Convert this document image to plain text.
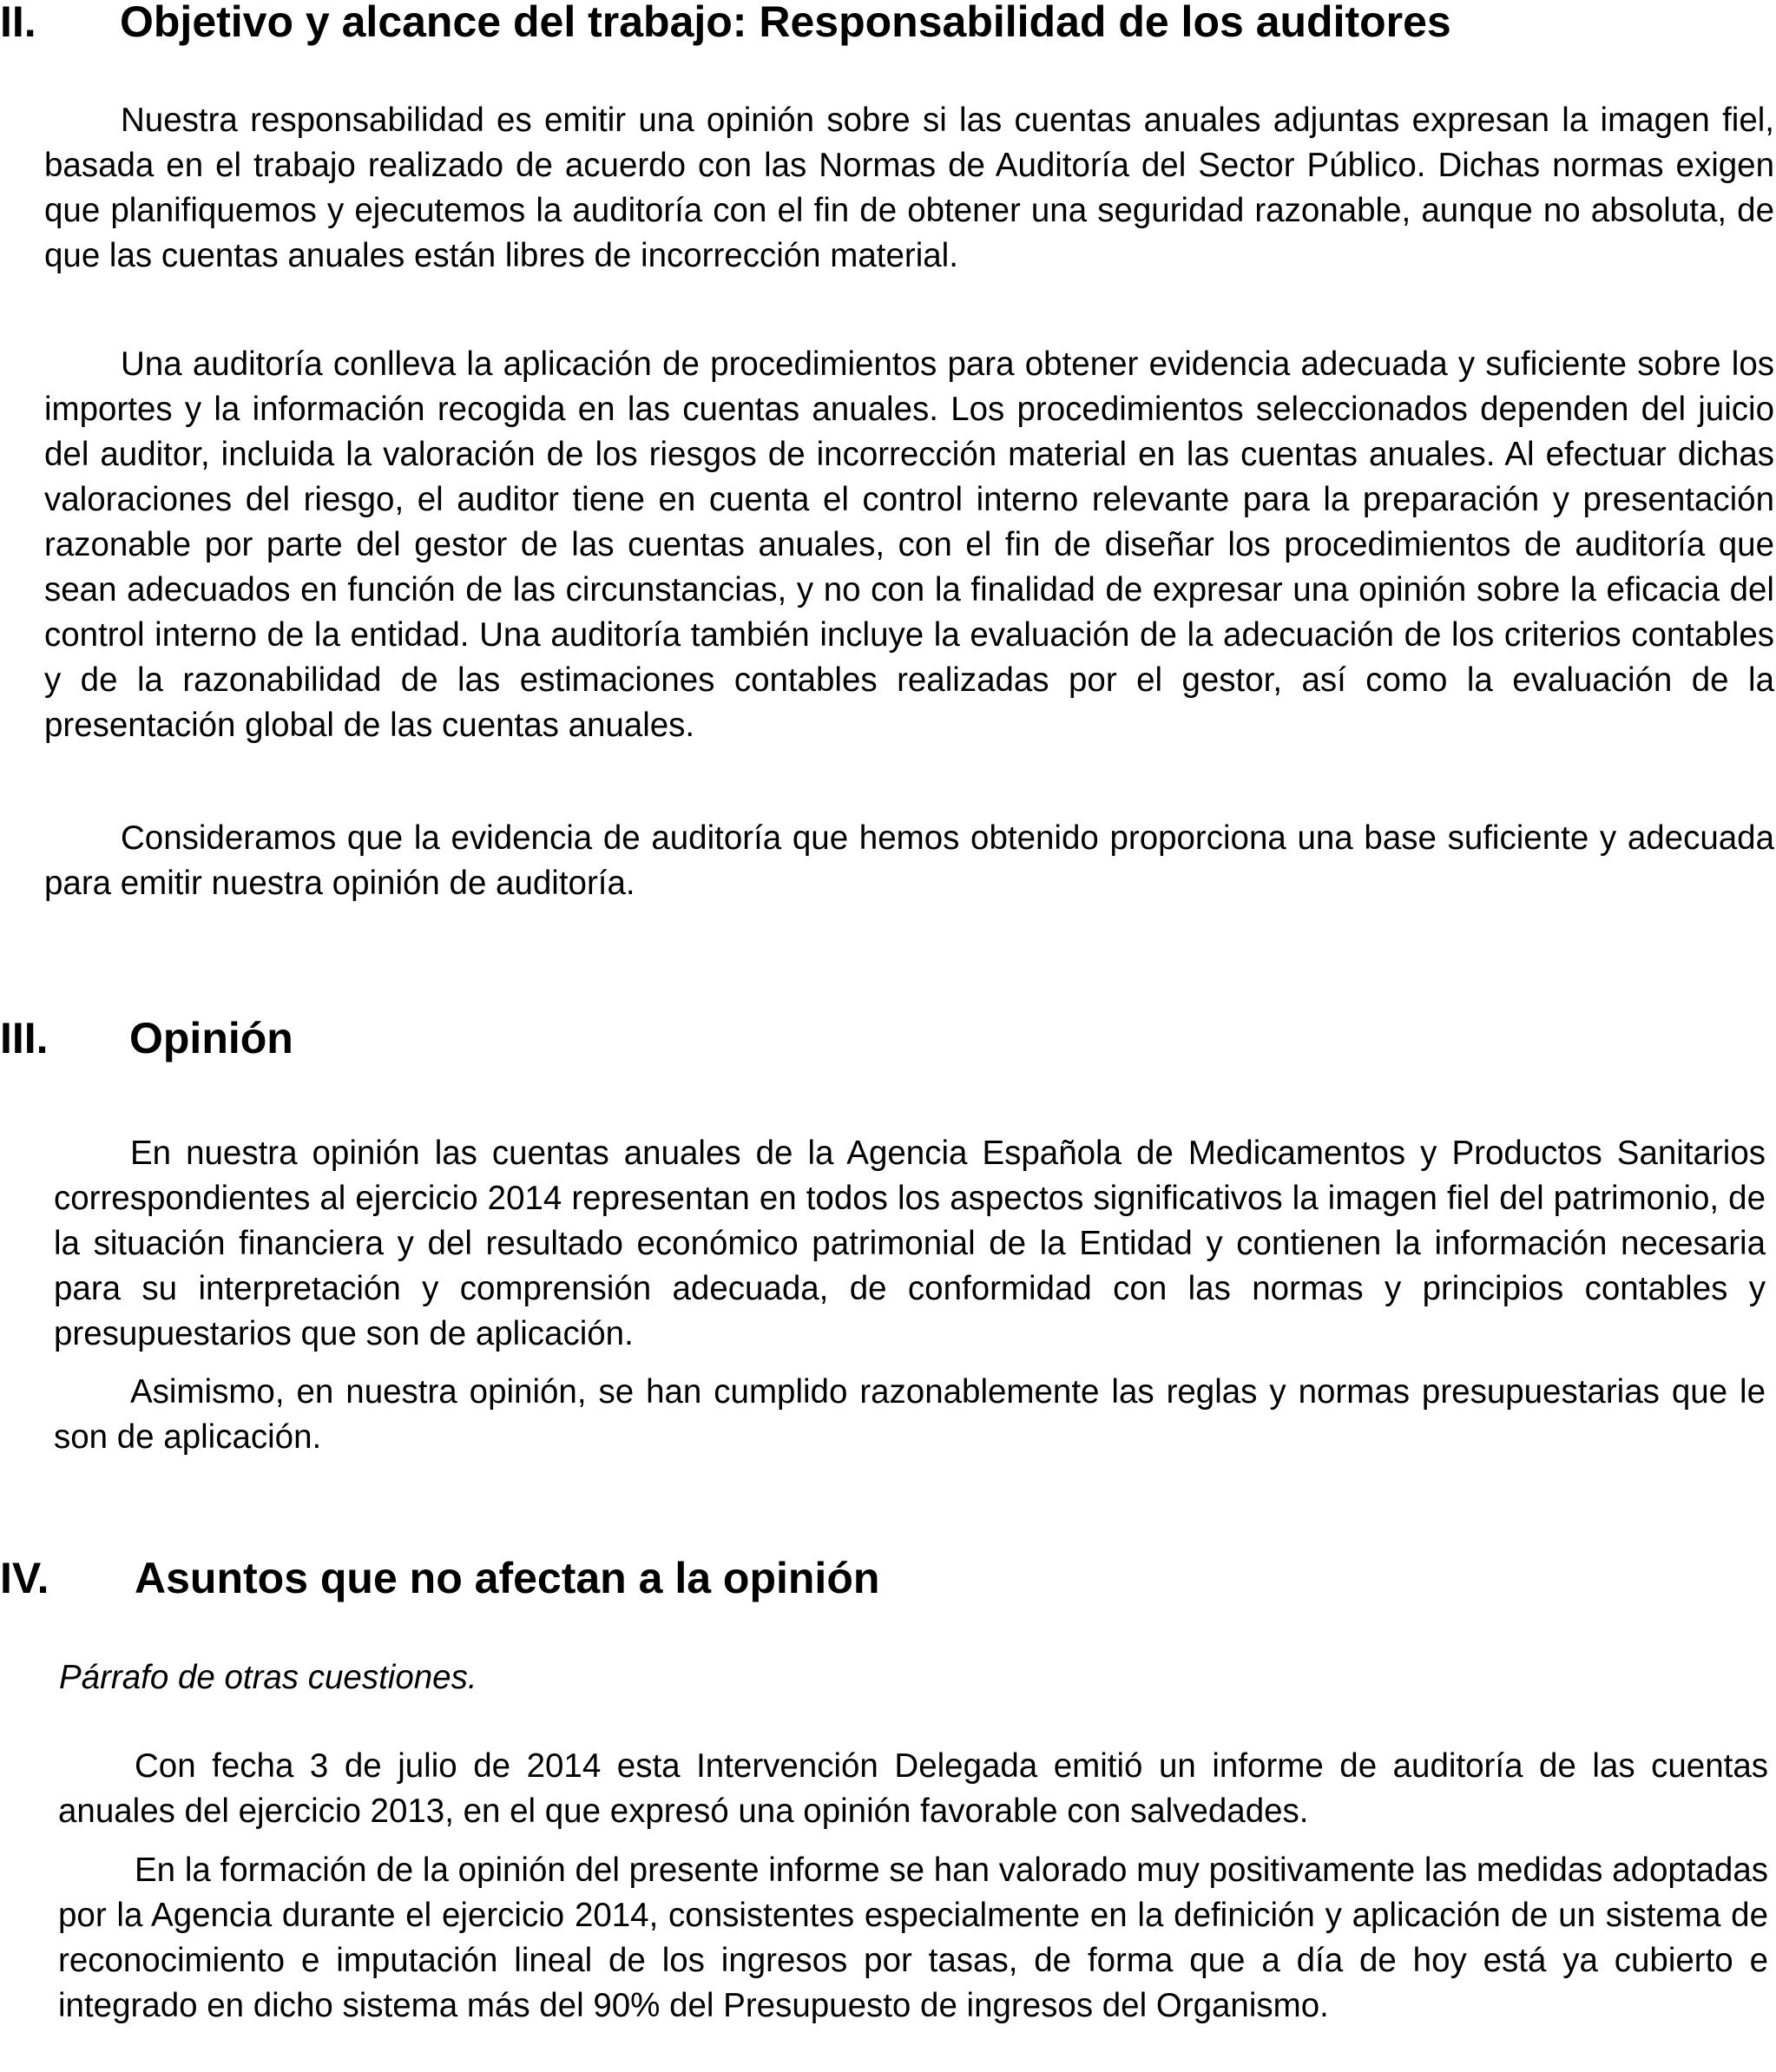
II. Objetivo y alcance del trabajo: Responsabilidad de los auditores

Nuestra responsabilidad es emitir una opinión sobre si las cuentas anuales adjuntas expresan la imagen fiel, basada en el trabajo realizado de acuerdo con las Normas de Auditoría del Sector Público. Dichas normas exigen que planifiquemos y ejecutemos la auditoría con el fin de obtener una seguridad razonable, aunque no absoluta, de que las cuentas anuales están libres de incorrección material.

Una auditoría conlleva la aplicación de procedimientos para obtener evidencia adecuada y suficiente sobre los importes y la información recogida en las cuentas anuales. Los procedimientos seleccionados dependen del juicio del auditor, incluida la valoración de los riesgos de incorrección material en las cuentas anuales. Al efectuar dichas valoraciones del riesgo, el auditor tiene en cuenta el control interno relevante para la preparación y presentación razonable por parte del gestor de las cuentas anuales, con el fin de diseñar los procedimientos de auditoría que sean adecuados en función de las circunstancias, y no con la finalidad de expresar una opinión sobre la eficacia del control interno de la entidad. Una auditoría también incluye la evaluación de la adecuación de los criterios contables y de la razonabilidad de las estimaciones contables realizadas por el gestor, así como la evaluación de la presentación global de las cuentas anuales.

Consideramos que la evidencia de auditoría que hemos obtenido proporciona una base suficiente y adecuada para emitir nuestra opinión de auditoría.

III. Opinión

En nuestra opinión las cuentas anuales de la Agencia Española de Medicamentos y Productos Sanitarios correspondientes al ejercicio 2014 representan en todos los aspectos significativos la imagen fiel del patrimonio, de la situación financiera y del resultado económico patrimonial de la Entidad y contienen la información necesaria para su interpretación y comprensión adecuada, de conformidad con las normas y principios contables y presupuestarios que son de aplicación.

Asimismo, en nuestra opinión, se han cumplido razonablemente las reglas y normas presupuestarias que le son de aplicación.

IV. Asuntos que no afectan a la opinión

Párrafo de otras cuestiones.

Con fecha 3 de julio de 2014 esta Intervención Delegada emitió un informe de auditoría de las cuentas anuales del ejercicio 2013, en el que expresó una opinión favorable con salvedades.

En la formación de la opinión del presente informe se han valorado muy positivamente las medidas adoptadas por la Agencia durante el ejercicio 2014, consistentes especialmente en la definición y aplicación de un sistema de reconocimiento e imputación lineal de los ingresos por tasas, de forma que a día de hoy está ya cubierto e integrado en dicho sistema más del 90% del Presupuesto de ingresos del Organismo.
